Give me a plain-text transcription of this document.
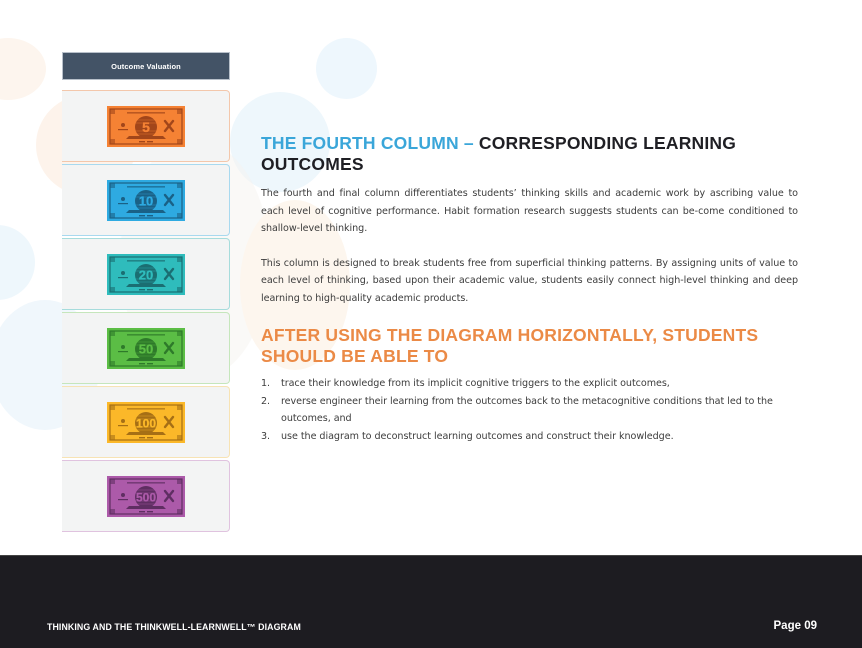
Outcome Valuation
5
10
20
50
100
500
THE FOURTH COLUMN – CORRESPONDING LEARNING OUTCOMES

The fourth and final column differentiates students’ thinking skills and academic work by ascribing value to each level of cognitive performance. Habit formation research suggests students can be-come conditioned to shallow-level thinking.

This column is designed to break students free from superficial thinking patterns. By assigning units of value to each level of thinking, based upon their academic value, students easily connect high-level thinking and deep learning to high-quality academic products.

AFTER USING THE DIAGRAM HORIZONTALLY, STUDENTS SHOULD BE ABLE TO
1.	trace their knowledge from its implicit cognitive triggers to the explicit outcomes,
2.	reverse engineer their learning from the outcomes back to the metacognitive conditions that led to the outcomes, and
3.	use the diagram to deconstruct learning outcomes and construct their knowledge.
THINKING AND THE THINKWELL-LEARNWELL™ DIAGRAM	Page 09
